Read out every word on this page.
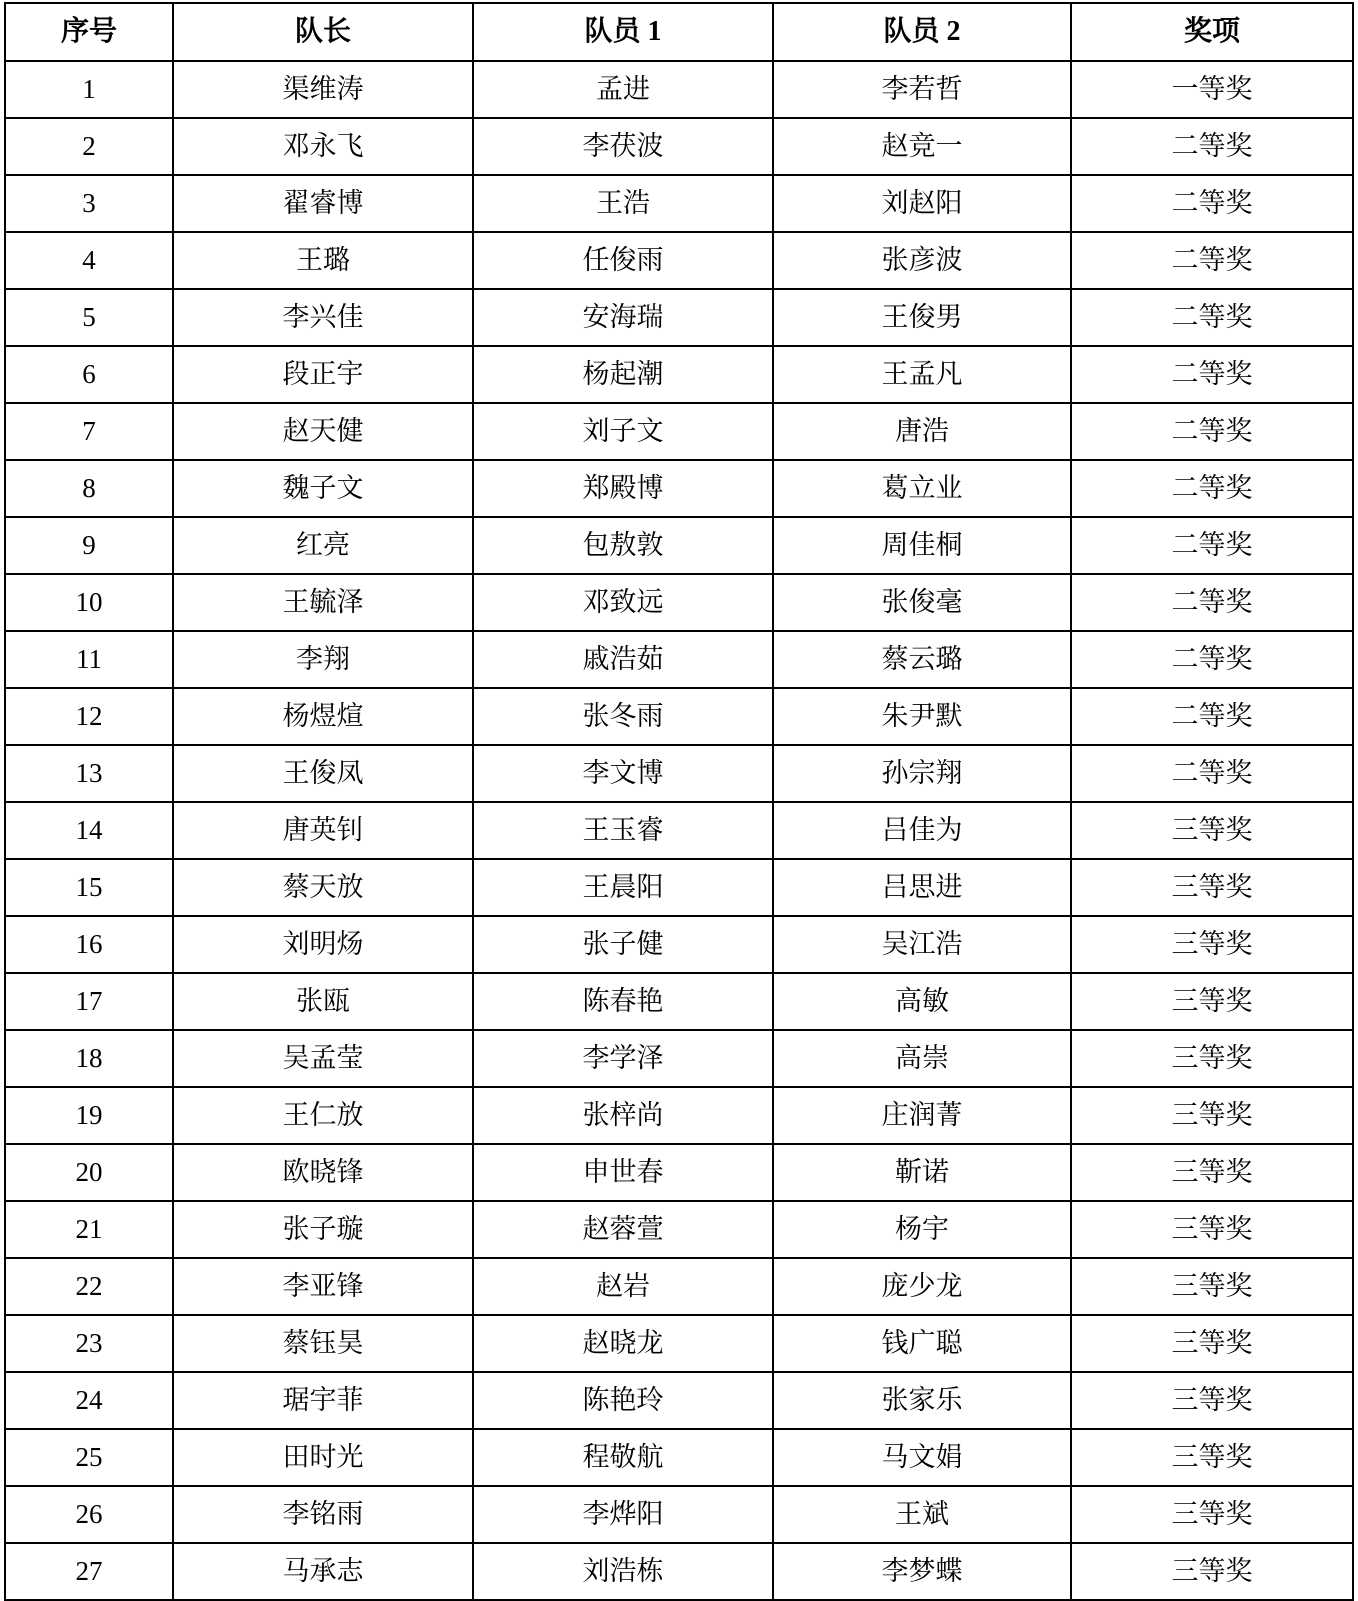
序号	队长	队员 1	队员 2	奖项
1	渠维涛	孟进	李若哲	一等奖
2	邓永飞	李茯波	赵竞一	二等奖
3	翟睿博	王浩	刘赵阳	二等奖
4	王璐	任俊雨	张彦波	二等奖
5	李兴佳	安海瑞	王俊男	二等奖
6	段正宇	杨起潮	王孟凡	二等奖
7	赵天健	刘子文	唐浩	二等奖
8	魏子文	郑殿博	葛立业	二等奖
9	红亮	包敖敦	周佳桐	二等奖
10	王毓泽	邓致远	张俊毫	二等奖
11	李翔	戚浩茹	蔡云璐	二等奖
12	杨煜煊	张冬雨	朱尹默	二等奖
13	王俊凤	李文博	孙宗翔	二等奖
14	唐英钊	王玉睿	吕佳为	三等奖
15	蔡天放	王晨阳	吕思进	三等奖
16	刘明炀	张子健	吴江浩	三等奖
17	张瓯	陈春艳	高敏	三等奖
18	吴孟莹	李学泽	高崇	三等奖
19	王仁放	张梓尚	庄润菁	三等奖
20	欧晓锋	申世春	靳诺	三等奖
21	张子璇	赵蓉萱	杨宇	三等奖
22	李亚锋	赵岩	庞少龙	三等奖
23	蔡钰昊	赵晓龙	钱广聪	三等奖
24	琚宇菲	陈艳玲	张家乐	三等奖
25	田时光	程敬航	马文娟	三等奖
26	李铭雨	李烨阳	王斌	三等奖
27	马承志	刘浩栋	李梦蝶	三等奖
